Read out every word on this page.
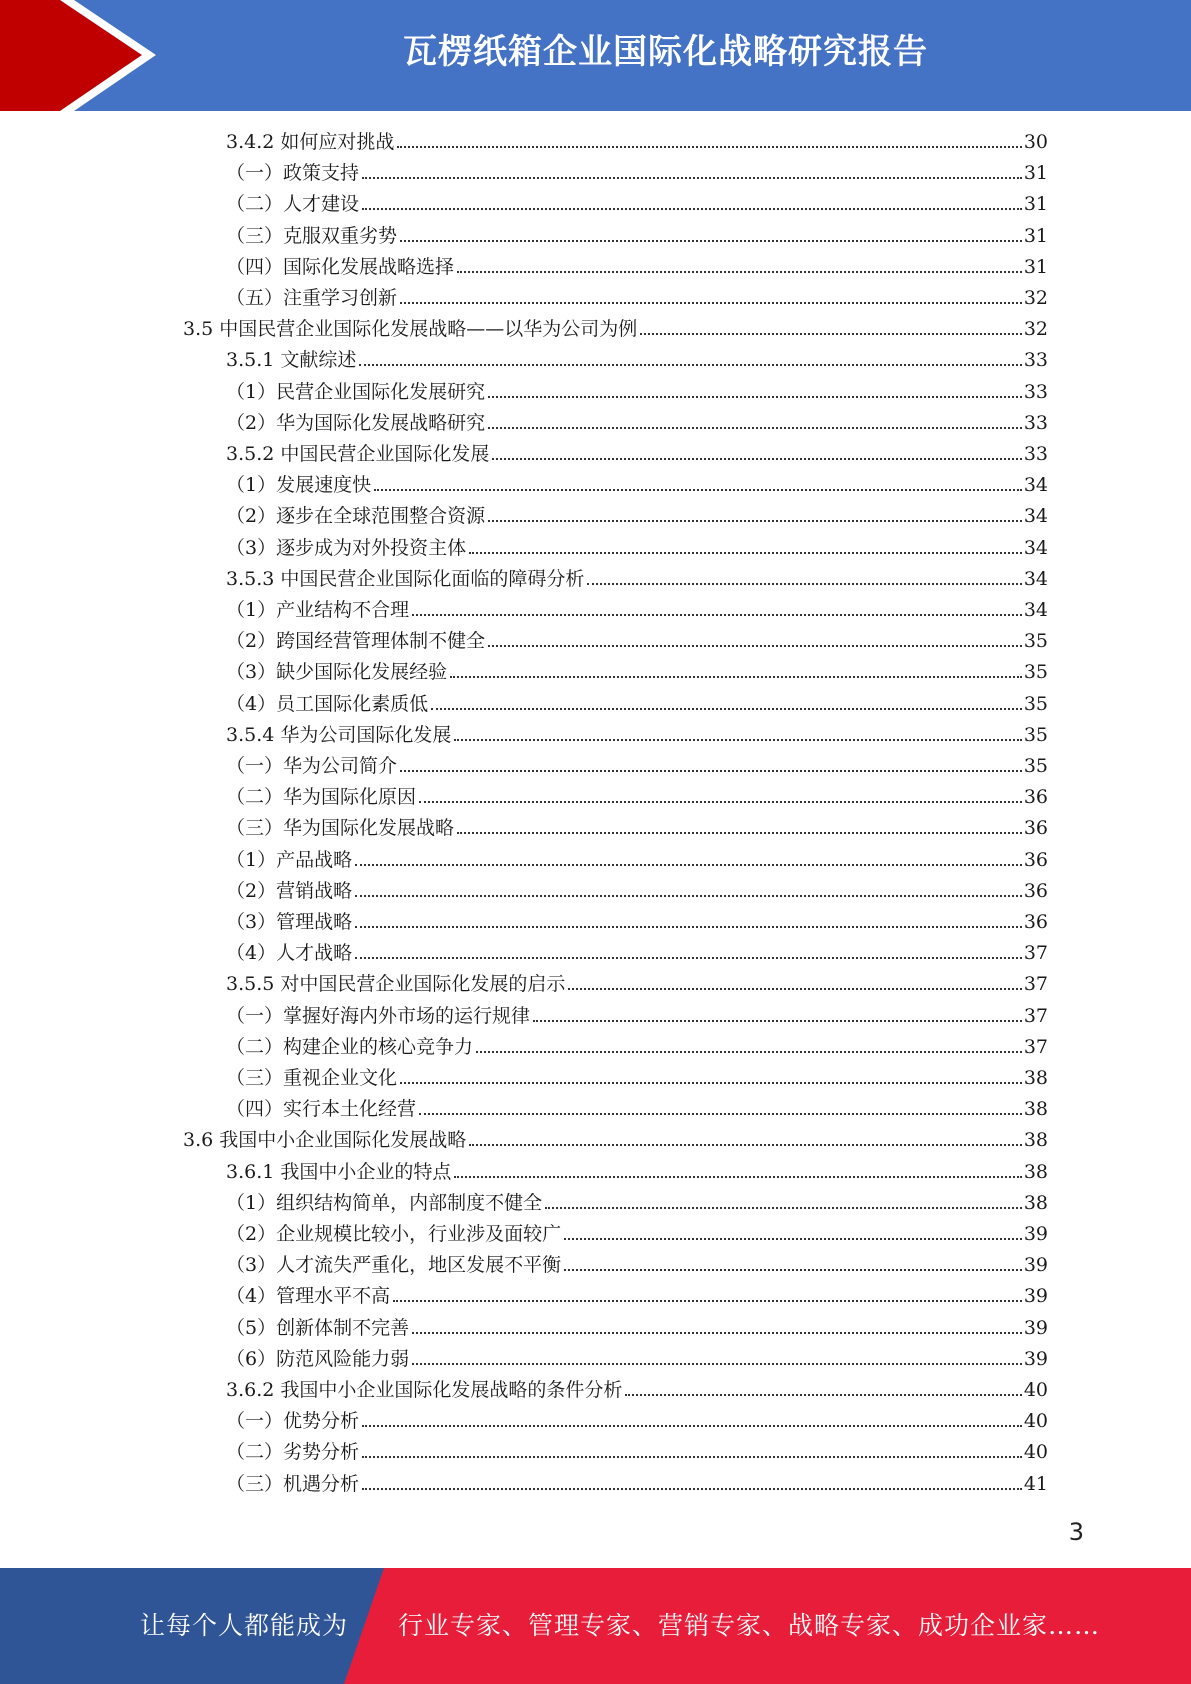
瓦楞纸箱企业国际化战略研究报告
3.4.2 如何应对挑战	30
（一）政策支持	31
（二）人才建设	31
（三）克服双重劣势	31
（四）国际化发展战略选择	31
（五）注重学习创新	32
3.5 中国民营企业国际化发展战略——以华为公司为例	32
3.5.1 文献综述	33
（1）民营企业国际化发展研究	33
（2）华为国际化发展战略研究	33
3.5.2 中国民营企业国际化发展	33
（1）发展速度快	34
（2）逐步在全球范围整合资源	34
（3）逐步成为对外投资主体	34
3.5.3 中国民营企业国际化面临的障碍分析	34
（1）产业结构不合理	34
（2）跨国经营管理体制不健全	35
（3）缺少国际化发展经验	35
（4）员工国际化素质低	35
3.5.4 华为公司国际化发展	35
（一）华为公司简介	35
（二）华为国际化原因	36
（三）华为国际化发展战略	36
（1）产品战略	36
（2）营销战略	36
（3）管理战略	36
（4）人才战略	37
3.5.5 对中国民营企业国际化发展的启示	37
（一）掌握好海内外市场的运行规律	37
（二）构建企业的核心竞争力	37
（三）重视企业文化	38
（四）实行本土化经营	38
3.6 我国中小企业国际化发展战略	38
3.6.1 我国中小企业的特点	38
（1）组织结构简单，内部制度不健全	38
（2）企业规模比较小，行业涉及面较广	39
（3）人才流失严重化，地区发展不平衡	39
（4）管理水平不高	39
（5）创新体制不完善	39
（6）防范风险能力弱	39
3.6.2 我国中小企业国际化发展战略的条件分析	40
（一）优势分析	40
（二）劣势分析	40
（三）机遇分析	41
3
让每个人都能成为 行业专家、管理专家、营销专家、战略专家、成功企业家……
